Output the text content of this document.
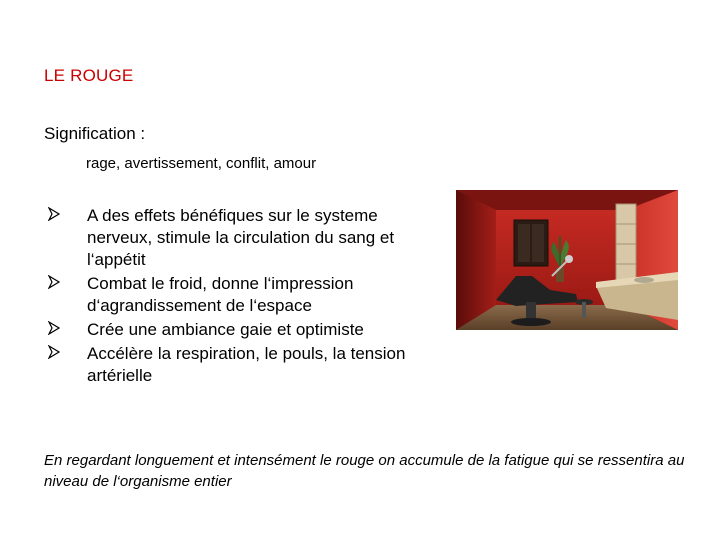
LE ROUGE
Signification :
rage, avertissement, conflit, amour
A des effets bénéfiques sur le systeme nerveux, stimule la circulation du sang et l‘appétit
Combat le froid, donne l‘impression d‘agrandissement de l‘espace
Crée une ambiance gaie et optimiste
Accélère la respiration, le pouls, la tension artérielle
En regardant longuement et intensément le rouge on accumule de la fatigue qui se ressentira au niveau de l‘organisme entier
